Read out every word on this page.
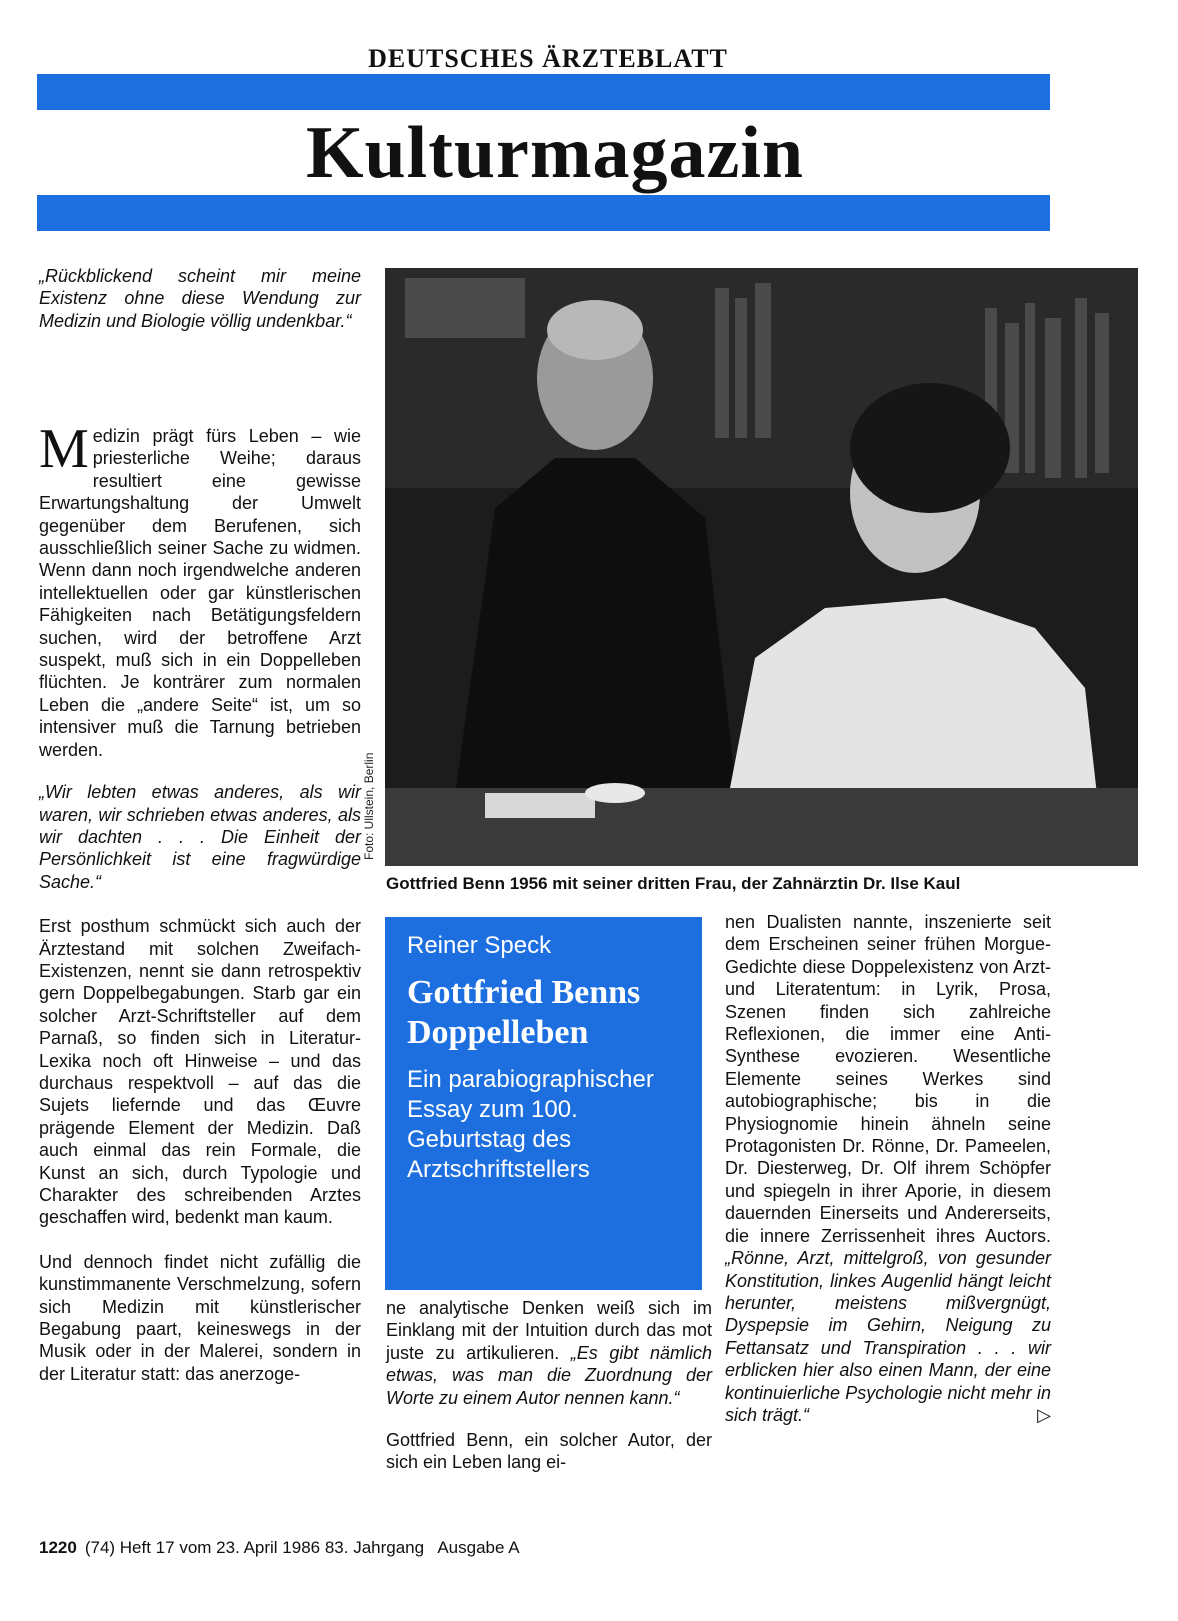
DEUTSCHES ÄRZTEBLATT
Kulturmagazin

„Rückblickend scheint mir meine Existenz ohne diese Wendung zur Medizin und Biologie völlig undenkbar.“

M edizin prägt fürs Leben – wie priesterliche Weihe; daraus resultiert eine gewisse Erwartungshaltung der Umwelt gegenüber dem Berufenen, sich ausschließlich seiner Sache zu widmen. Wenn dann noch irgendwelche anderen intellektuellen oder gar künstlerischen Fähigkeiten nach Betätigungsfeldern suchen, wird der betroffene Arzt suspekt, muß sich in ein Doppelleben flüchten. Je konträrer zum normalen Leben die „andere Seite“ ist, um so intensiver muß die Tarnung betrieben werden.

„Wir lebten etwas anderes, als wir waren, wir schrieben etwas anderes, als wir dachten . . . Die Einheit der Persönlichkeit ist eine fragwürdige Sache.“

Erst posthum schmückt sich auch der Ärztestand mit solchen Zweifach-Existenzen, nennt sie dann retrospektiv gern Doppelbegabungen. Starb gar ein solcher Arzt-Schriftsteller auf dem Parnaß, so finden sich in Literatur-Lexika noch oft Hinweise – und das durchaus respektvoll – auf das die Sujets liefernde und das Œuvre prägende Element der Medizin. Daß auch einmal das rein Formale, die Kunst an sich, durch Typologie und Charakter des schreibenden Arztes geschaffen wird, bedenkt man kaum.

Und dennoch findet nicht zufällig die kunstimmanente Verschmelzung, sofern sich Medizin mit künstlerischer Begabung paart, keineswegs in der Musik oder in der Malerei, sondern in der Literatur statt: das anerzoge-

Foto: Ullstein, Berlin
Gottfried Benn 1956 mit seiner dritten Frau, der Zahnärztin Dr. Ilse Kaul
Reiner Speck
Gottfried Benns Doppelleben
Ein parabiographischer Essay zum 100. Geburtstag des Arztschriftstellers

ne analytische Denken weiß sich im Einklang mit der Intuition durch das mot juste zu artikulieren. „Es gibt nämlich etwas, was man die Zuordnung der Worte zu einem Autor nennen kann.“

Gottfried Benn, ein solcher Autor, der sich ein Leben lang ei-

nen Dualisten nannte, inszenierte seit dem Erscheinen seiner frühen Morgue-Gedichte diese Doppelexistenz von Arzt- und Literatentum: in Lyrik, Prosa, Szenen finden sich zahlreiche Reflexionen, die immer eine Anti-Synthese evozieren. Wesentliche Elemente seines Werkes sind autobiographische; bis in die Physiognomie hinein ähneln seine Protagonisten Dr. Rönne, Dr. Pameelen, Dr. Diesterweg, Dr. Olf ihrem Schöpfer und spiegeln in ihrer Aporie, in diesem dauernden Einerseits und Andererseits, die innere Zerrissenheit ihres Auctors. „Rönne, Arzt, mittelgroß, von gesunder Konstitution, linkes Augenlid hängt leicht herunter, meistens mißvergnügt, Dyspepsie im Gehirn, Neigung zu Fettansatz und Transpiration . . . wir erblicken hier also einen Mann, der eine kontinuierliche Psychologie nicht mehr in sich trägt.“	▷

1220 (74) Heft 17 vom 23. April 1986 83. Jahrgang   Ausgabe A
